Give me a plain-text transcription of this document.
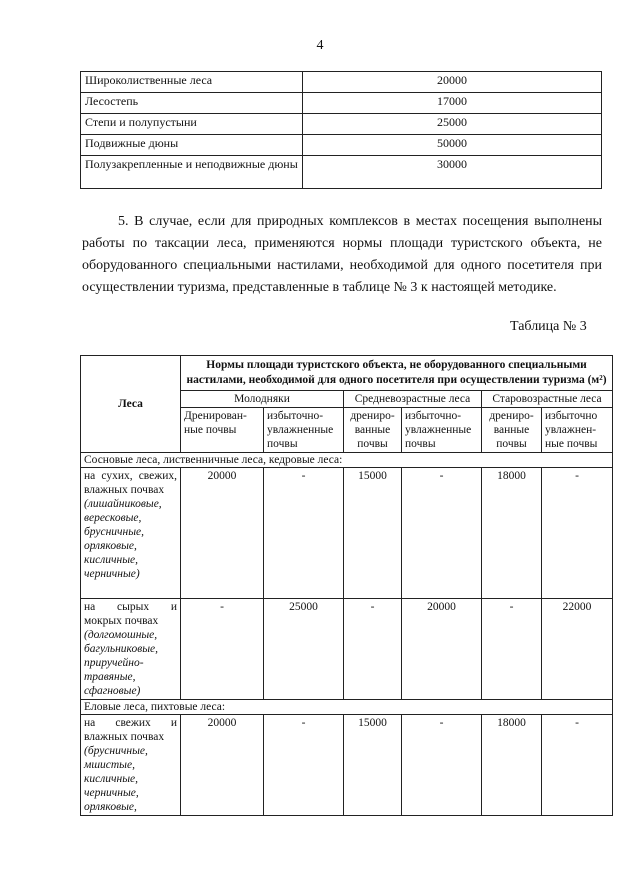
4
Широколиственные леса	20000
Лесостепь	17000
Степи и полупустыни	25000
Подвижные дюны	50000
Полузакрепленные и неподвижные дюны	30000

5. В случае, если для природных комплексов в местах посещения выполнены работы по таксации леса, применяются нормы площади туристского объекта, не оборудованного специальными настилами, необходимой для одного посетителя при осуществлении туризма, представленные в таблице № 3 к настоящей методике.

Таблица № 3
Леса	Нормы площади туристского объекта, не оборудованного специальными настилами, необходимой для одного посетителя при осуществлении туризма (м²)					
	Молодняки		Средневозрастные леса		Старовозрастные леса	
	Дренирован-ные почвы	избыточно-увлажненные почвы	дрениро-ванные почвы	избыточно-увлажненные почвы	дрениро-ванные почвы	избыточно увлажнен-ные почвы
Сосновые леса, лиственничные леса, кедровые леса:						
на сухих, свежих, влажных почвах
(лишайниковые, вересковые, брусничные, орляковые, кисличные, черничные)	20000	-	15000	-	18000	-
на сырых и мокрых почвах
(долгомошные, багульниковые, приручейно-травяные, сфагновые)	-	25000	-	20000	-	22000
Еловые леса, пихтовые леса:						
на свежих и влажных почвах
(брусничные, мшистые, кисличные, черничные, орляковые,	20000	-	15000	-	18000	-
